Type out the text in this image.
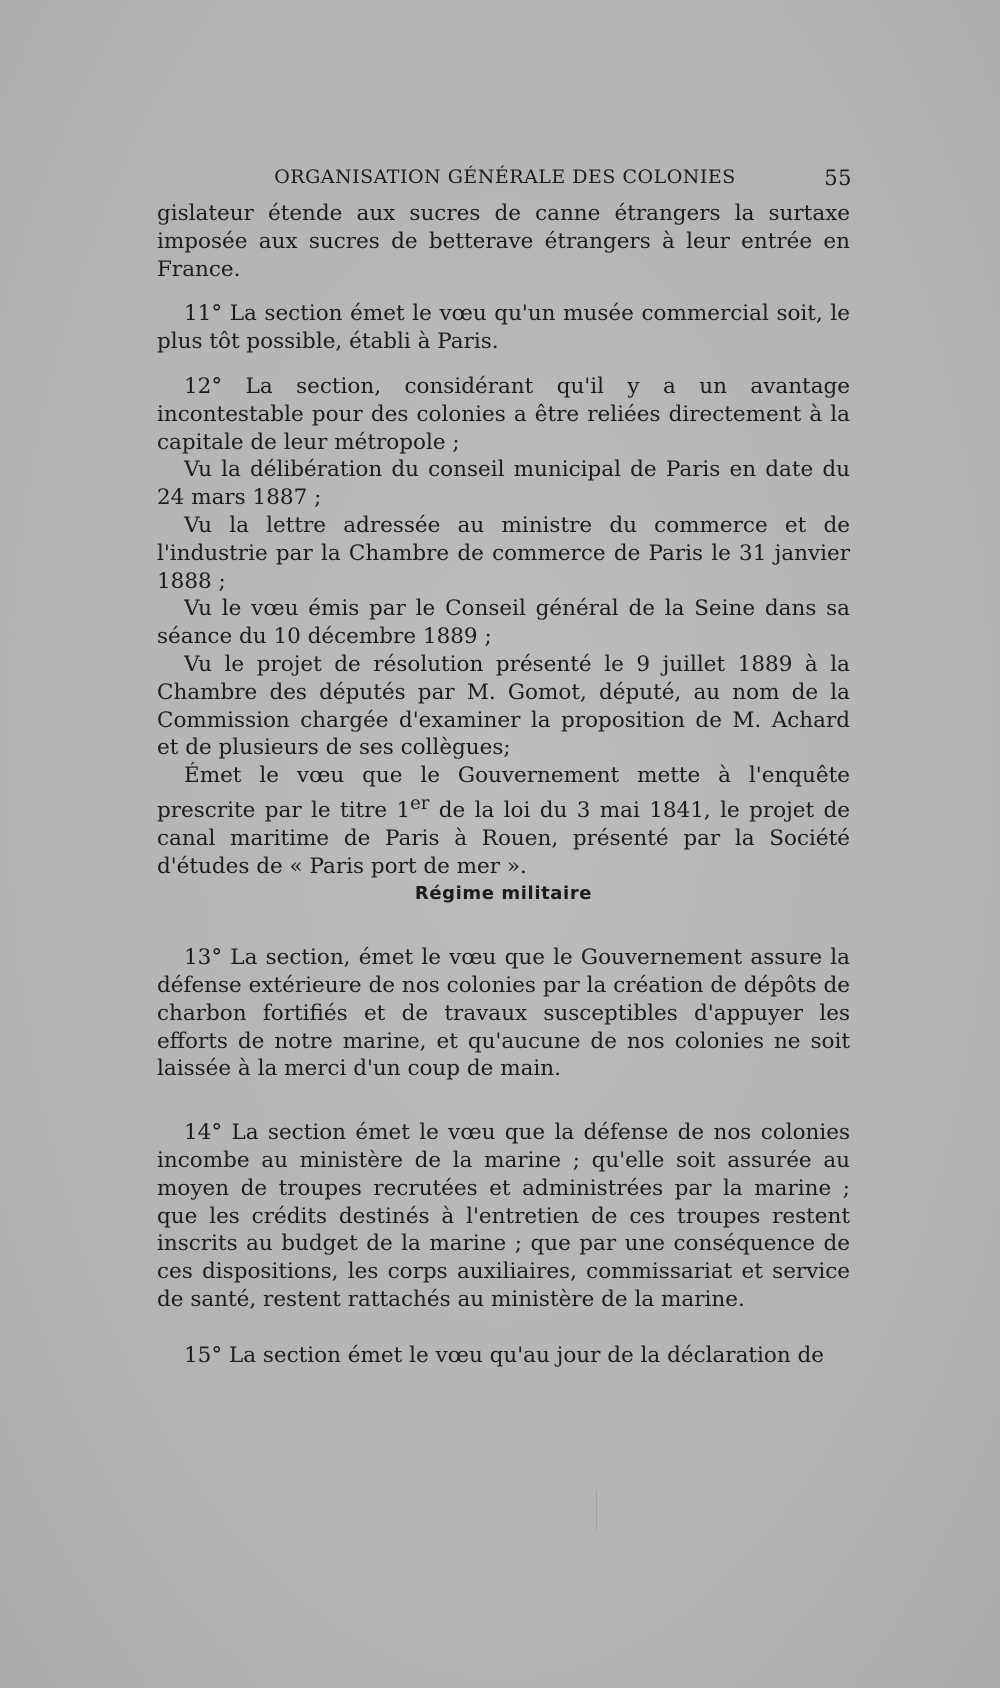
ORGANISATION GÉNÉRALE DES COLONIES	55

gislateur étende aux sucres de canne étrangers la surtaxe imposée aux sucres de betterave étrangers à leur entrée en France.

11° La section émet le vœu qu'un musée commercial soit, le plus tôt possible, établi à Paris.

12° La section, considérant qu'il y a un avantage incontestable pour des colonies a être reliées directement à la capitale de leur métropole ;

Vu la délibération du conseil municipal de Paris en date du 24 mars 1887 ;

Vu la lettre adressée au ministre du commerce et de l'industrie par la Chambre de commerce de Paris le 31 janvier 1888 ;

Vu le vœu émis par le Conseil général de la Seine dans sa séance du 10 décembre 1889 ;

Vu le projet de résolution présenté le 9 juillet 1889 à la Chambre des députés par M. Gomot, député, au nom de la Commission chargée d'examiner la proposition de M. Achard et de plusieurs de ses collègues;

Émet le vœu que le Gouvernement mette à l'enquête prescrite par le titre 1er de la loi du 3 mai 1841, le projet de canal maritime de Paris à Rouen, présenté par la Société d'études de « Paris port de mer ».

Régime militaire

13° La section, émet le vœu que le Gouvernement assure la défense extérieure de nos colonies par la création de dépôts de charbon fortifiés et de travaux susceptibles d'appuyer les efforts de notre marine, et qu'aucune de nos colonies ne soit laissée à la merci d'un coup de main.

14° La section émet le vœu que la défense de nos colonies incombe au ministère de la marine ; qu'elle soit assurée au moyen de troupes recrutées et administrées par la marine ; que les crédits destinés à l'entretien de ces troupes restent inscrits au budget de la marine ; que par une conséquence de ces dispositions, les corps auxiliaires, commissariat et service de santé, restent rattachés au ministère de la marine.

15° La section émet le vœu qu'au jour de la déclaration de
